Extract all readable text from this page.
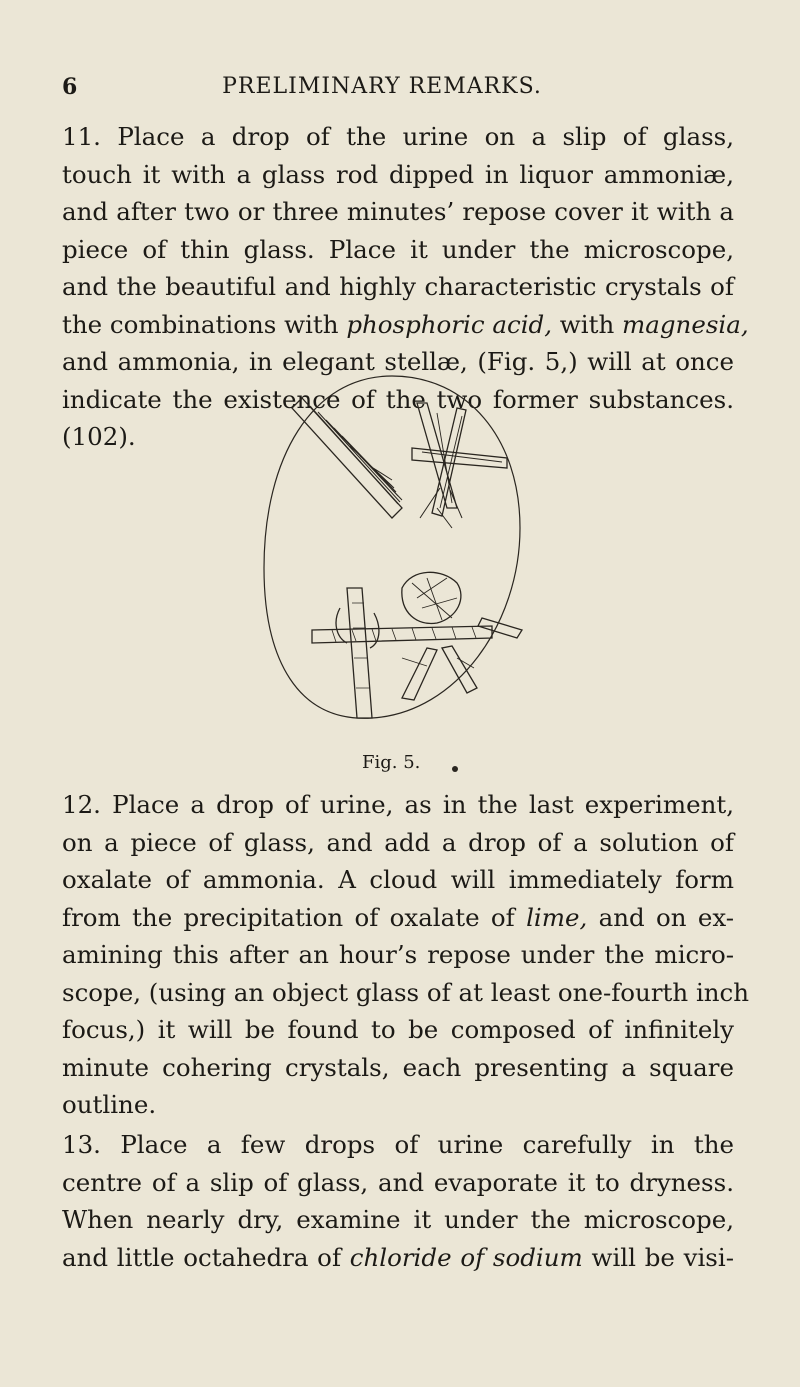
6	PRELIMINARY REMARKS.
11. Place a drop of the urine on a slip of glass,
touch it with a glass rod dipped in liquor ammoniæ,
and after two or three minutes’ repose cover it with a
piece of thin glass. Place it under the microscope,
and the beautiful and highly characteristic crystals of
the combinations with phosphoric acid, with magnesia,
and ammonia, in elegant stellæ, (Fig. 5,) will at once
indicate the existence of the two former substances.
(102).
Fig. 5.
12. Place a drop of urine, as in the last experiment,
on a piece of glass, and add a drop of a solution of
oxalate of ammonia. A cloud will immediately form
from the precipitation of oxalate of lime, and on ex-
amining this after an hour’s repose under the micro-
scope, (using an object glass of at least one-fourth inch
focus,) it will be found to be composed of infinitely
minute cohering crystals, each presenting a square
outline.
13. Place a few drops of urine carefully in the
centre of a slip of glass, and evaporate it to dryness.
When nearly dry, examine it under the microscope,
and little octahedra of chloride of sodium will be visi-
